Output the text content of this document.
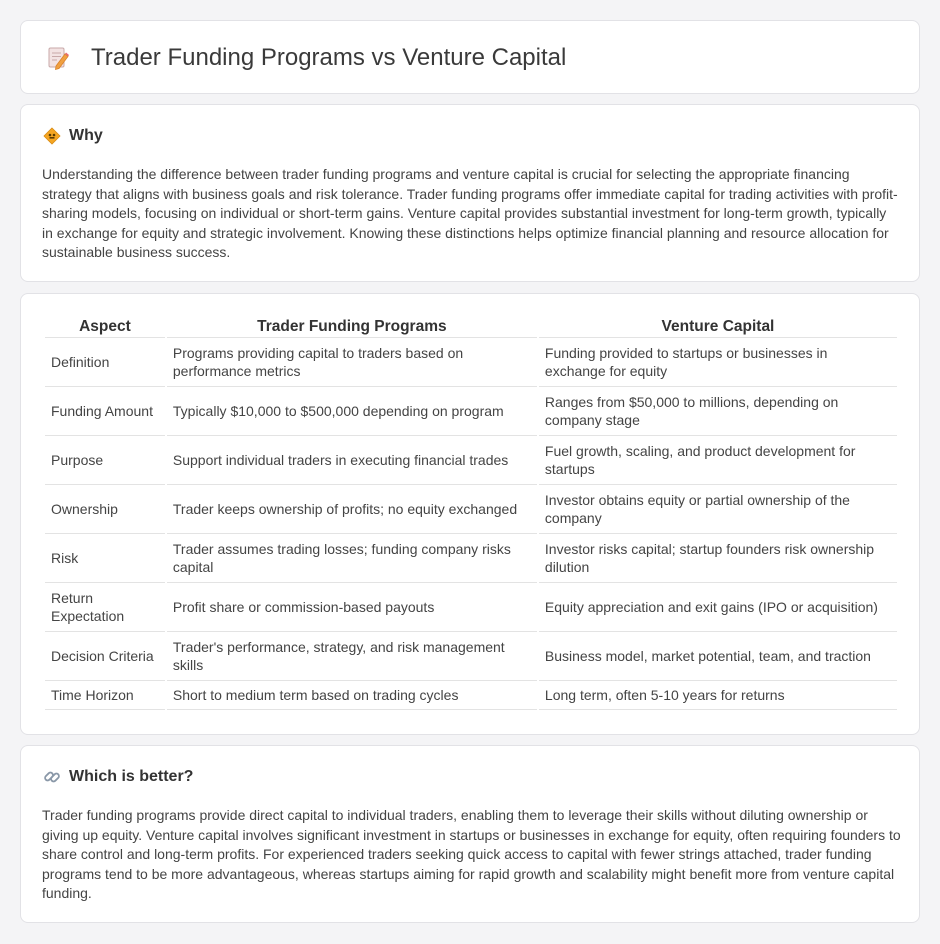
Trader Funding Programs vs Venture Capital
Why

Understanding the difference between trader funding programs and venture capital is crucial for selecting the appropriate financing strategy that aligns with business goals and risk tolerance. Trader funding programs offer immediate capital for trading activities with profit-sharing models, focusing on individual or short-term gains. Venture capital provides substantial investment for long-term growth, typically in exchange for equity and strategic involvement. Knowing these distinctions helps optimize financial planning and resource allocation for sustainable business success.

Aspect	Trader Funding Programs	Venture Capital
Definition	Programs providing capital to traders based on performance metrics	Funding provided to startups or businesses in exchange for equity
Funding Amount	Typically $10,000 to $500,000 depending on program	Ranges from $50,000 to millions, depending on company stage
Purpose	Support individual traders in executing financial trades	Fuel growth, scaling, and product development for startups
Ownership	Trader keeps ownership of profits; no equity exchanged	Investor obtains equity or partial ownership of the company
Risk	Trader assumes trading losses; funding company risks capital	Investor risks capital; startup founders risk ownership dilution
Return Expectation	Profit share or commission-based payouts	Equity appreciation and exit gains (IPO or acquisition)
Decision Criteria	Trader's performance, strategy, and risk management skills	Business model, market potential, team, and traction
Time Horizon	Short to medium term based on trading cycles	Long term, often 5-10 years for returns
Which is better?

Trader funding programs provide direct capital to individual traders, enabling them to leverage their skills without diluting ownership or giving up equity. Venture capital involves significant investment in startups or businesses in exchange for equity, often requiring founders to share control and long-term profits. For experienced traders seeking quick access to capital with fewer strings attached, trader funding programs tend to be more advantageous, whereas startups aiming for rapid growth and scalability might benefit more from venture capital funding.
